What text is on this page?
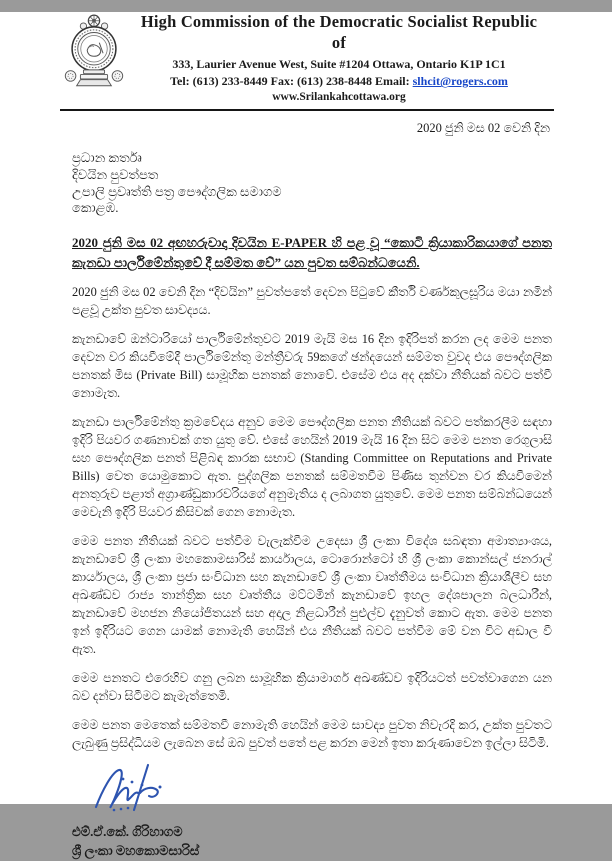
High Commission of the Democratic Socialist Republic of
333, Laurier Avenue West, Suite #1204 Ottawa, Ontario K1P 1C1
Tel: (613) 233-8449 Fax: (613) 238-8448 Email: slhcit@rogers.com
www.Srilankahcottawa.org
2020 ජුනි මස 02 වෙනි දින
ප්‍රධාන කර්තෘ
දිවයින පුවත්පත
උපාලි ප්‍රවෘත්ති පත්‍ර පෞද්ගලික සමාගම
කොළඹ.
2020 ජුනි මස 02 අඟහරුවාදා දිවයින E-PAPER හි පළ වූ “කොටි ක්‍රියාකාරිකයාගේ පනත කැනඩා පාර්ලිමේන්තුවේ දී සම්මත වේ” යන පුවත සම්බන්ධයෙනි.
2020 ජුනි මස 02 වෙනි දින “දිවයින” පුවත්පතේ දෙවන පිටුවේ කීර්ති වර්ණකුලසූරිය මයා නමින් පළවූ උක්ත පුවත සාවද්‍යය.
කැනඩාවේ ඔන්ටාරියෝ පාර්ලිමේන්තුවට 2019 මැයි මස 16 දින ඉදිරිපත් කරන ලද මෙම පනත දෙවන වර කියවීමේදී පාර්ලිමේන්තු මන්ත්‍රීවරු 59කගේ ඡන්දයෙන් සම්මත වුවද එය පෞද්ගලික පනතක් මිස (Private Bill) සාමූහික පනතක් නොවේ. එසේම එය අද දක්වා නීතියක් බවට පත්වී නොමැත.
කැනඩා පාර්ලිමේන්තු ක්‍රමවේදය අනුව මෙම පෞද්ගලික පනත නීතියක් බවට පත්කරලීම සඳහා ඉදිරි පියවර ගණනාවක් ගත යුතු වේ. එසේ හෙයින් 2019 මැයි 16 දින සිට මෙම පනත රෙගුලාසි සහ පෞද්ගලික පනත් පිළිබඳ කාරක සභාව (Standing Committee on Reputations and Private Bills) වෙත යොමුකොට ඇත. පුද්ගලික පනතක් සම්මතවීම පිණිස තුන්වන වර කියවීමෙන් අනතුරුව පළාත් අග්‍රාණ්ඩුකාරවරියගේ අනුමැතිය ද ලබාගත යුතුවේ. මෙම පනත සම්බන්ධයෙන් මෙවැනි ඉදිරි පියවර කිසිවක් ගෙන නොමැත.
මෙම පනත නීතියක් බවට පත්වීම වැලැක්වීම උදෙසා ශ්‍රී ලංකා විදේශ සබඳතා අමාත්‍යාංශය, කැනඩාවේ ශ්‍රී ලංකා මහකොමසාරිස් කාර්යාලය, ටොරොන්ටෝ හි ශ්‍රී ලංකා කොන්සල් ජනරාල් කාර්යාලය, ශ්‍රී ලංකා ප්‍රජා සංවිධාන සහ කැනඩාවේ ශ්‍රී ලංකා වෘත්තීමය සංවිධාන ක්‍රියාශීලීව සහ අඛණ්ඩව රාජ්‍ය තාන්ත්‍රික සහ වෘත්තීය මට්ටමින් කැනඩාවේ ඉහල දේශපාලන බලධාරීන්, කැනඩාවේ මහජන නියෝජිතයන් සහ අදාල නිළධාරීන් පුළුල්ව දැනුවත් කොට ඇත. මෙම පනත ඉන් ඉදිරියට ගෙන යාමක් නොමැති හෙයින් එය නීතියක් බවට පත්වීම මේ වන විට අඩාල වී ඇත.
මෙම පනතට එරෙහිව ගනු ලබන සාමූහික ක්‍රියාමාර්ග අඛණ්ඩව ඉදිරියටත් පවත්වාගෙන යන බව දන්වා සිටීමට කැමැත්තෙමි.
මෙම පනත මෙතෙක් සම්මතවී නොමැති හෙයින් මෙම සාවද්‍ය පුවත නිවැරදි කර, උක්ත පුවතට ලැබුණු ප්‍රසිද්ධියම ලැබෙන සේ ඔබ පුවත් පතේ පළ කරන මෙන් ඉතා කරුණාවෙන ඉල්ලා සිටිමි.
එම්.ඒ.කේ. ගිරිහාගම
ශ්‍රී ලංකා මහකොමසාරිස්
